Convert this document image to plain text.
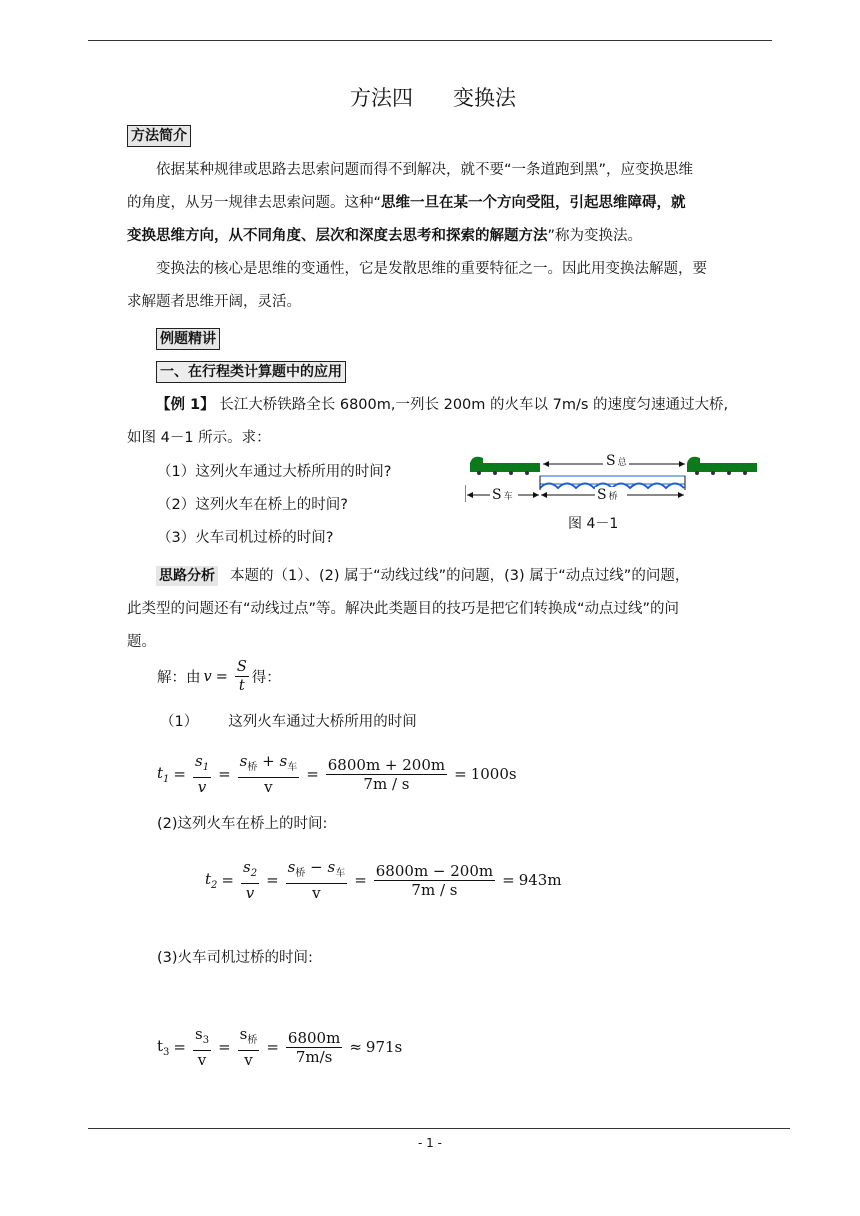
方法四 变换法
方法简介
依据某种规律或思路去思索问题而得不到解决，就不要“一条道跑到黑”，应变换思维
的角度，从另一规律去思索问题。这种“思维一旦在某一个方向受阻，引起思维障碍，就
变换思维方向，从不同角度、层次和深度去思考和探索的解题方法”称为变换法。
变换法的核心是思维的变通性，它是发散思维的重要特征之一。因此用变换法解题，要
求解题者思维开阔，灵活。
例题精讲
一、在行程类计算题中的应用
【例 1】 长江大桥铁路全长 6800m,一列长 200m 的火车以 7m/s 的速度匀速通过大桥,
如图 4－1 所示。求：
（1）这列火车通过大桥所用的时间?
（2）这列火车在桥上的时间?
（3）火车司机过桥的时间?
S总
S车	S桥
图 4－1
思路分析 本题的（1）、(2) 属于“动线过线”的问题，(3) 属于“动点过线”的问题，
此类型的问题还有“动线过点”等。解决此类题目的技巧是把它们转换成“动点过线”的问
题。
解：由 $v = \frac{S}{t}$ 得：
（1） 这列火车通过大桥所用的时间
$t_1 = \frac{s_1}{v} = \frac{s_桥 + s_车}{v} = \frac{6800m + 200m}{7m / s} = 1000s$
(2)这列火车在桥上的时间:
$t_2 = \frac{s_2}{v} = \frac{s_桥 - s_车}{v} = \frac{6800m - 200m}{7m / s} = 943m$
(3)火车司机过桥的时间:
$t_3 = \frac{s_3}{v} = \frac{s_桥}{v} = \frac{6800m}{7m/s} \approx 971s$
- 1 -
